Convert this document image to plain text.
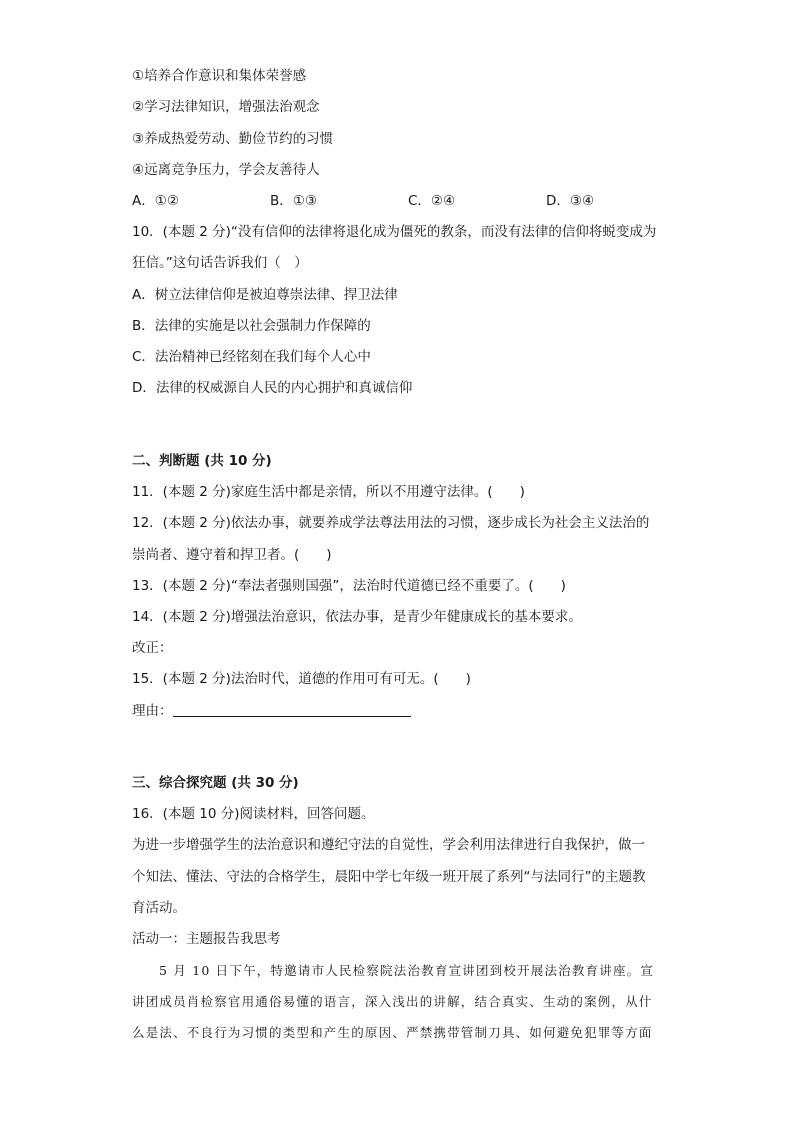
①培养合作意识和集体荣誉感
②学习法律知识，增强法治观念
③养成热爱劳动、勤俭节约的习惯
④远离竞争压力，学会友善待人
A．①②	B．①③	C．②④	D．③④
10．(本题 2 分)“没有信仰的法律将退化成为僵死的教条，而没有法律的信仰将蜕变成为
狂信。”这句话告诉我们（　）
A．树立法律信仰是被迫尊崇法律、捍卫法律
B．法律的实施是以社会强制力作保障的
C．法治精神已经铭刻在我们每个人心中
D．法律的权威源自人民的内心拥护和真诚信仰
二、判断题 (共 10 分)
11．(本题 2 分)家庭生活中都是亲情，所以不用遵守法律。(　　)
12．(本题 2 分)依法办事，就要养成学法尊法用法的习惯，逐步成长为社会主义法治的
崇尚者、遵守着和捍卫者。(　　)
13．(本题 2 分)“奉法者强则国强”，法治时代道德已经不重要了。(　　)
14．(本题 2 分)增强法治意识，依法办事，是青少年健康成长的基本要求。
改正：
15．(本题 2 分)法治时代，道德的作用可有可无。(　　)
理由：
三、综合探究题 (共 30 分)
16．(本题 10 分)阅读材料，回答问题。
为进一步增强学生的法治意识和遵纪守法的自觉性，学会利用法律进行自我保护，做一
个知法、懂法、守法的合格学生，晨阳中学七年级一班开展了系列“与法同行”的主题教
育活动。
活动一：主题报告我思考
5 月 10 日下午，特邀请市人民检察院法治教育宣讲团到校开展法治教育讲座。宣
讲团成员肖检察官用通俗易懂的语言，深入浅出的讲解，结合真实、生动的案例，从什
么是法、不良行为习惯的类型和产生的原因、严禁携带管制刀具、如何避免犯罪等方面
